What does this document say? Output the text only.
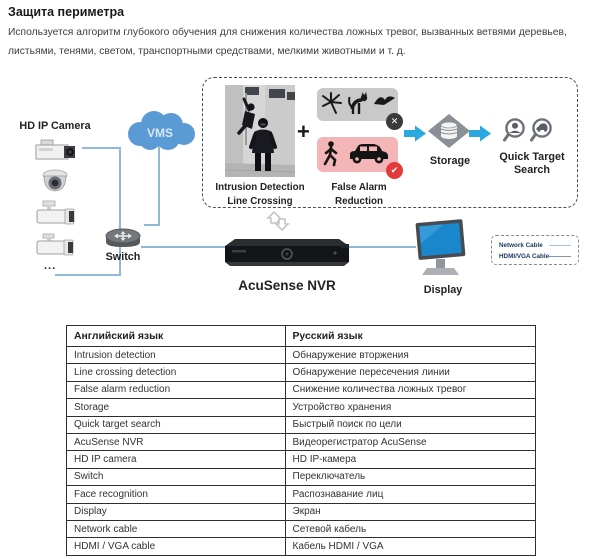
Защита периметра
Используется алгоритм глубокого обучения для снижения количества ложных тревог, вызванных ветвями деревьев, листьями, тенями, светом, транспортными средствами, мелкими животными и т. д.
HD IP Camera
...
VMS
Switch
Intrusion Detection
Line Crossing
+	✕
✔
False Alarm
Reduction
Storage	Quick Target
Search
AcuSense NVR	Display
Network Cable
HDMI/VGA Cable
Английский язык	Русский язык
Intrusion detection	Обнаружение вторжения
Line crossing detection	Обнаружение пересечения линии
False alarm reduction	Снижение количества ложных тревог
Storage	Устройство хранения
Quick target search	Быстрый поиск по цели
AcuSense NVR	Видеорегистратор AcuSense
HD IP camera	HD IP-камера
Switch	Переключатель
Face recognition	Распознавание лиц
Display	Экран
Network cable	Сетевой кабель
HDMI / VGA cable	Кабель HDMI / VGA
